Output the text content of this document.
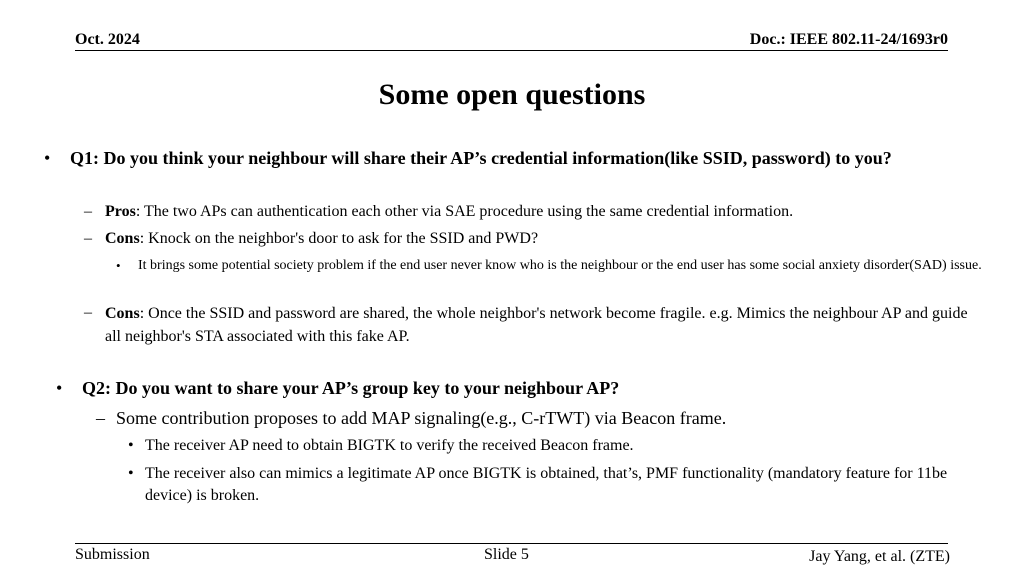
Oct. 2024	Doc.: IEEE 802.11-24/1693r0
Some open questions
• Q1: Do you think your neighbour will share their AP’s credential information(like SSID, password) to you?
– Pros: The two APs can authentication each other via SAE procedure using the same credential information.
– Cons: Knock on the neighbor's door to ask for the SSID and PWD?
• It brings some potential society problem if the end user never know who is the neighbour or the end user has some social anxiety disorder(SAD) issue.
– Cons: Once the SSID and password are shared, the whole neighbor's network become fragile. e.g. Mimics the neighbour AP and guide all neighbor's STA associated with this fake AP.
• Q2: Do you want to share your AP’s group key to your neighbour AP?
– Some contribution proposes to add MAP signaling(e.g., C-rTWT) via Beacon frame.
• The receiver AP need to obtain BIGTK to verify the received Beacon frame.
• The receiver also can mimics a legitimate AP once BIGTK is obtained, that’s, PMF functionality (mandatory feature for 11be device) is broken.
Submission	Slide 5	Jay Yang, et al. (ZTE)
